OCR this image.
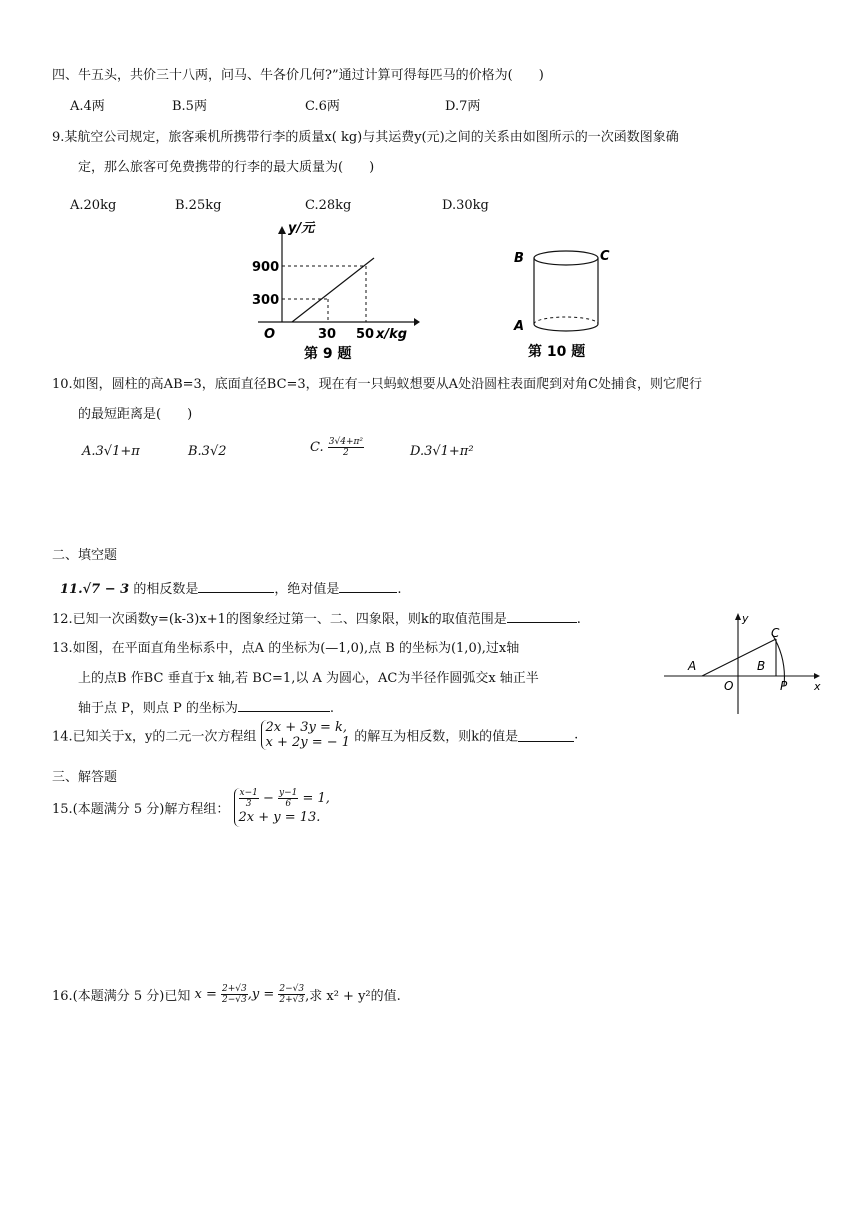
四、牛五头，共价三十八两，问马、牛各价几何?”通过计算可得每匹马的价格为(　　)
A.4两	B.5两	C.6两	D.7两
9.某航空公司规定，旅客乘机所携带行李的质量x( kg)与其运费y(元)之间的关系由如图所示的一次函数图象确
定，那么旅客可免费携带的行李的最大质量为(　　)
A.20kg	B.25kg	C.28kg	D.30kg
y/元
900
300
O	30 50 x/kg
第 9 题
B	C
A
第 10 题
10.如图，圆柱的高AB=3，底面直径BC=3，现在有一只蚂蚁想要从A处沿圆柱表面爬到对角C处捕食，则它爬行
的最短距离是(　　)
A.3√1+π	B.3√2	C. $\frac{\text{3√4+π²}}{2}$	D.3√1+π²
二、填空题
11.√7 − 3 的相反数是	，绝对值是	.
12.已知一次函数y=(k-3)x+1的图象经过第一、二、四象限，则k的取值范围是	.
13.如图，在平面直角坐标系中，点A 的坐标为(—1,0),点 B 的坐标为(1,0),过x轴
上的点B 作BC 垂直于x 轴,若 BC=1,以 A 为圆心，AC为半径作圆弧交x 轴正半
轴于点 P，则点 P 的坐标为	.
y
C
A	B
O	P x
14.已知关于x，y的二元一次方程组
2x + 3y = k,
x + 2y = − 1 的解互为相反数，则k的值是	.
三、解答题
15.(本题满分 5 分)解方程组：
$\frac{x-1}{3} - \frac{y-1}{6} = 1$,
2x + y = 13.
16.(本题满分 5 分)已知 $x = \frac{2+√3}{2-√3} ,y = \frac{2-√3}{2+√3}$ ,求 x² + y²的值.
